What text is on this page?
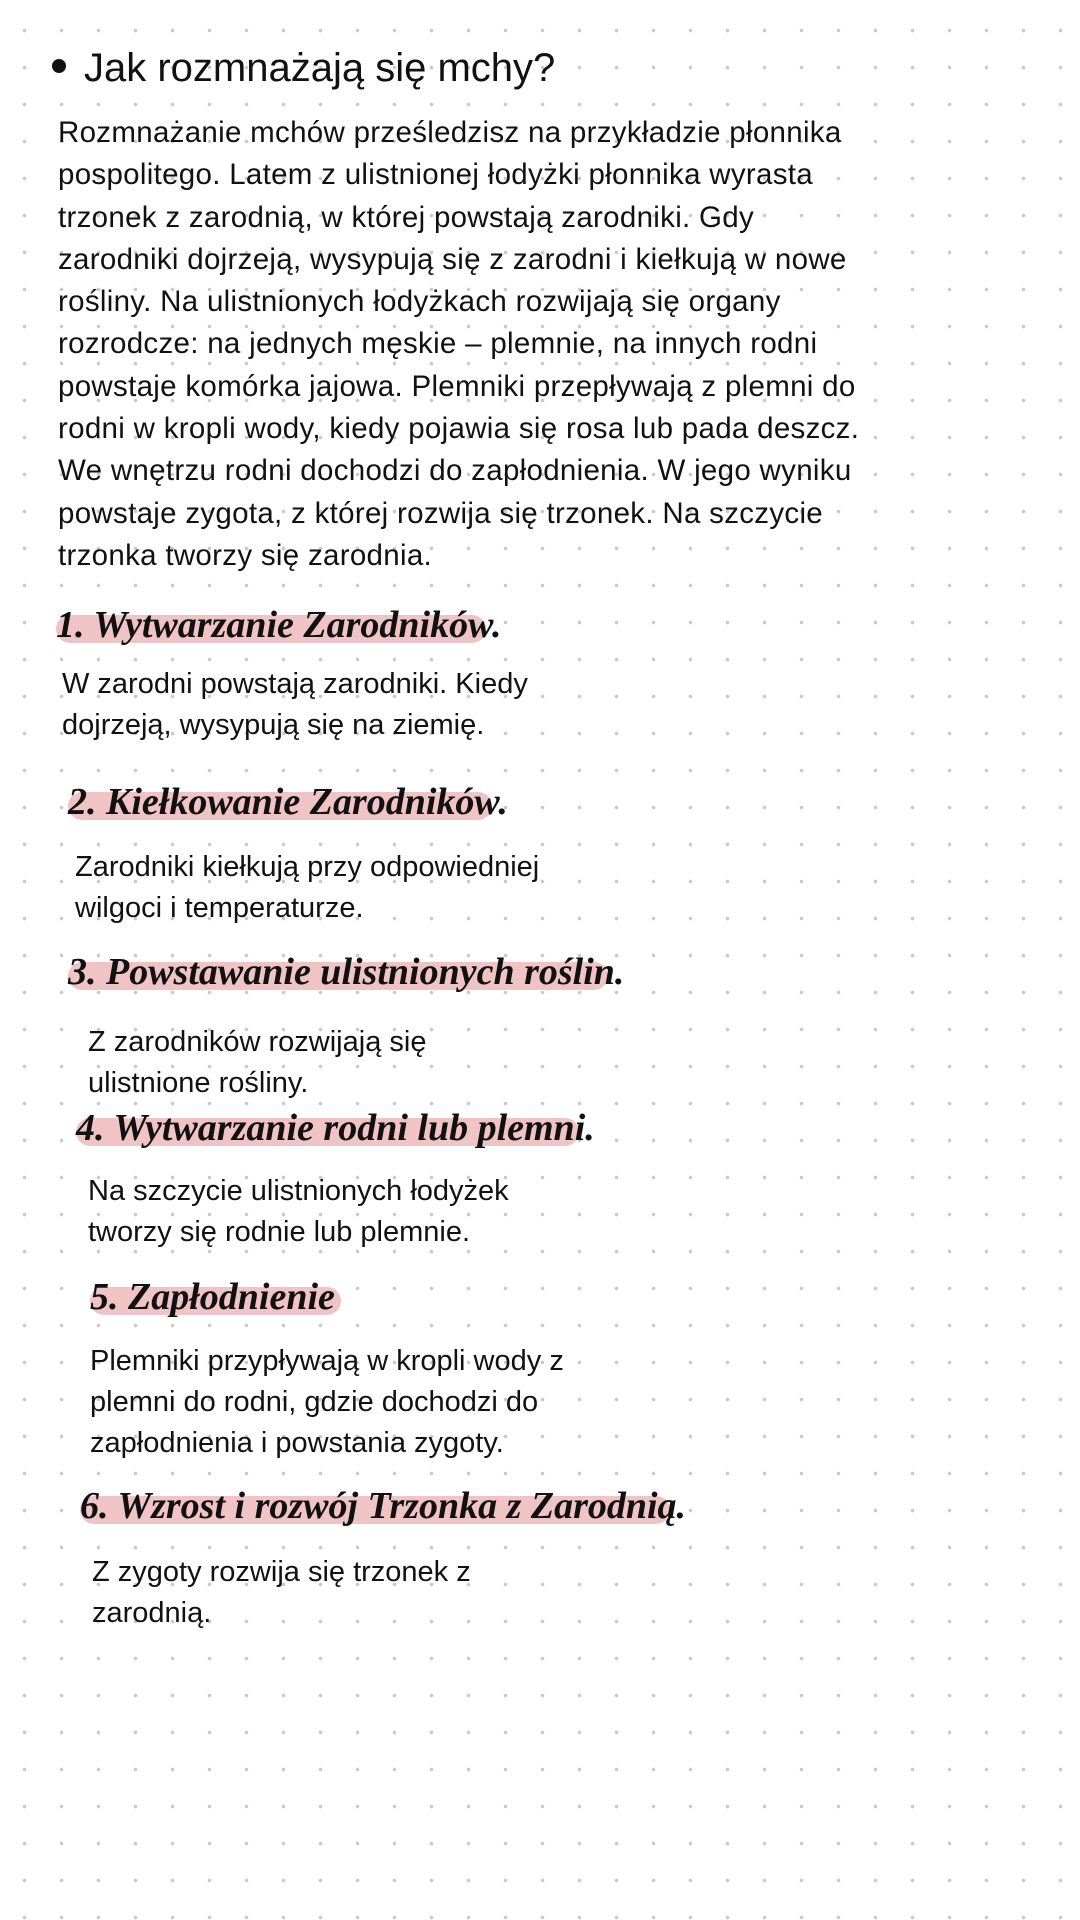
Jak rozmnażają się mchy?
Rozmnażanie mchów prześledzisz na przykładzie płonnika
pospolitego. Latem z ulistnionej łodyżki płonnika wyrasta
trzonek z zarodnią, w której powstają zarodniki. Gdy
zarodniki dojrzeją, wysypują się z zarodni i kiełkują w nowe
rośliny. Na ulistnionych łodyżkach rozwijają się organy
rozrodcze: na jednych męskie – plemnie, na innych rodni
powstaje komórka jajowa. Plemniki przepływają z plemni do
rodni w kropli wody, kiedy pojawia się rosa lub pada deszcz.
We wnętrzu rodni dochodzi do zapłodnienia. W jego wyniku
powstaje zygota, z której rozwija się trzonek. Na szczycie
trzonka tworzy się zarodnia.
1. Wytwarzanie Zarodników.
W zarodni powstają zarodniki. Kiedy
dojrzeją, wysypują się na ziemię.
2. Kiełkowanie Zarodników.
Zarodniki kiełkują przy odpowiedniej
wilgoci i temperaturze.
3. Powstawanie ulistnionych roślin.
Z zarodników rozwijają się
ulistnione rośliny.
4. Wytwarzanie rodni lub plemni.
Na szczycie ulistnionych łodyżek
tworzy się rodnie lub plemnie.
5. Zapłodnienie
Plemniki przypływają w kropli wody z
plemni do rodni, gdzie dochodzi do
zapłodnienia i powstania zygoty.
6. Wzrost i rozwój Trzonka z Zarodnią.
Z zygoty rozwija się trzonek z
zarodnią.
